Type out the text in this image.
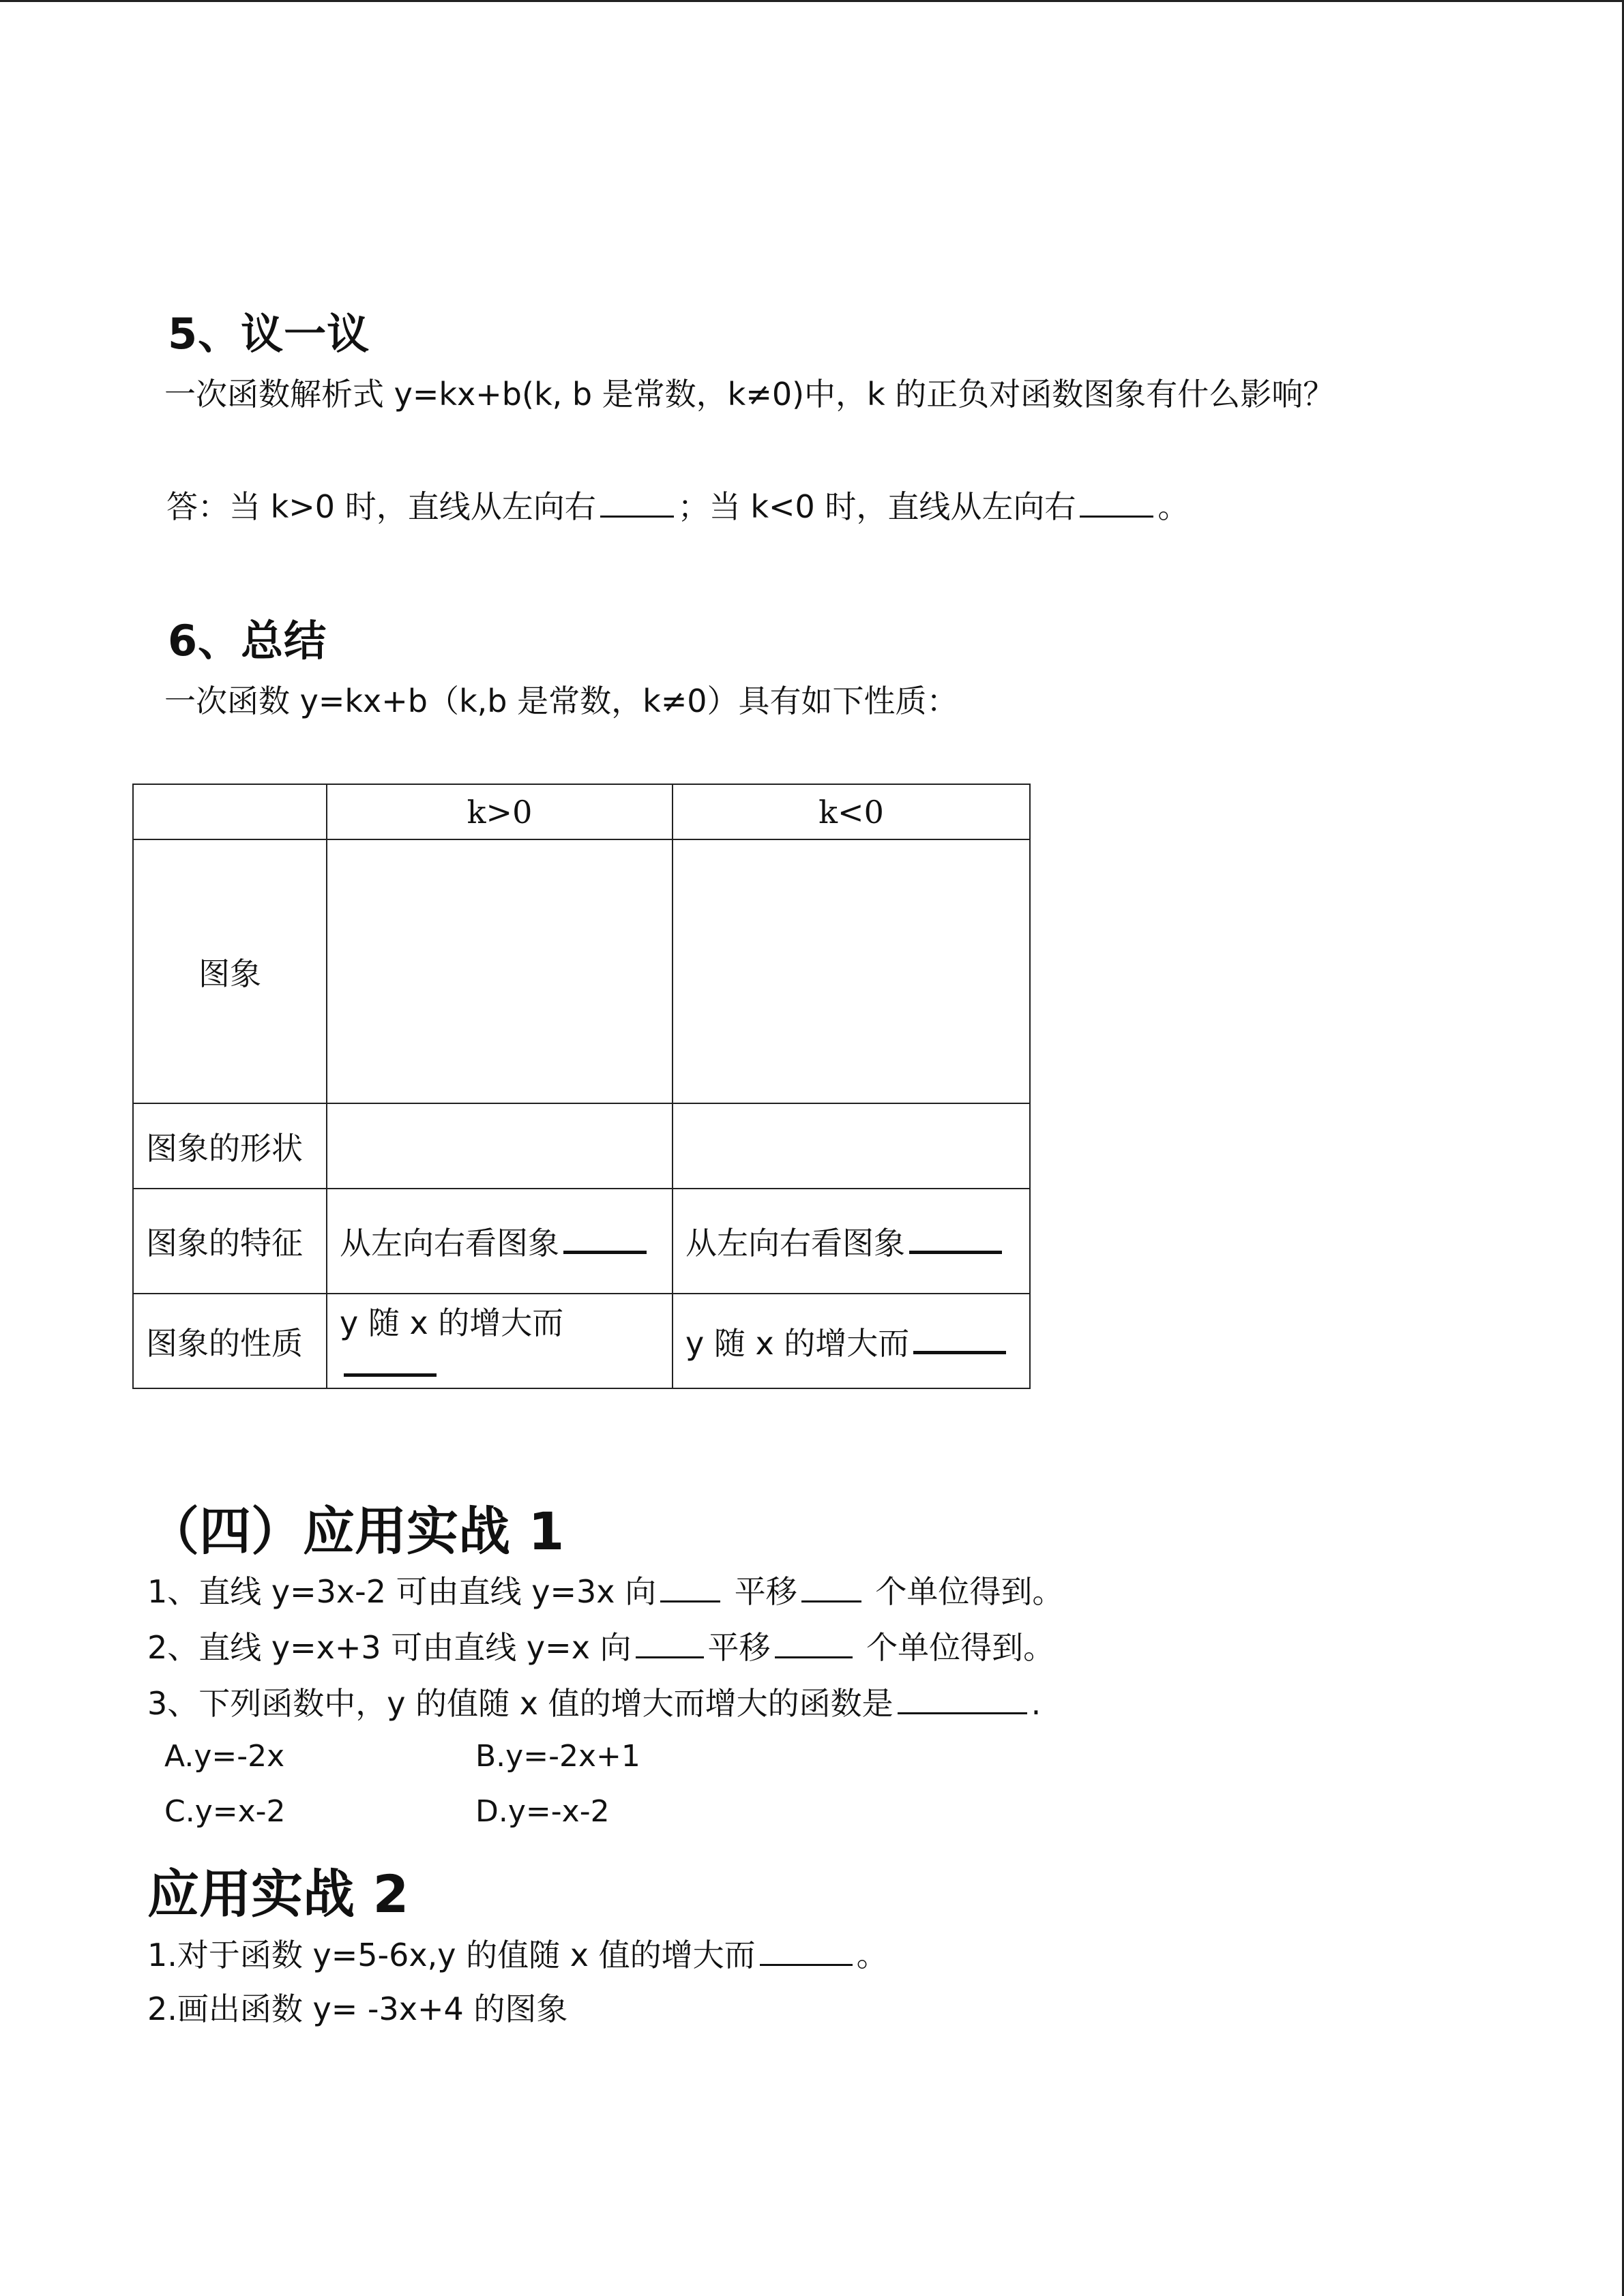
5、议一议
一次函数解析式 y=kx+b(k, b 是常数，k≠0)中，k 的正负对函数图象有什么影响？
答：当 k>0 时，直线从左向右	；当 k<0 时，直线从左向右	。
6、总结
一次函数 y=kx+b（k,b 是常数，k≠0）具有如下性质：
	k>0	k<0
图象		
图象的形状		
图象的特征	从左向右看图象	从左向右看图象
图象的性质	y 随 x 的增大而	y 随 x 的增大而
（四）应用实战 1
1、直线 y=3x-2 可由直线 y=3x 向 平移 个单位得到。
2、直线 y=x+3 可由直线 y=x 向 平移	个单位得到。
3、下列函数中，y 的值随 x 值的增大而增大的函数是	.
A.y=-2x	B.y=-2x+1
C.y=x-2	D.y=-x-2
应用实战 2
1.对于函数 y=5-6x,y 的值随 x 值的增大而	。
2.画出函数 y= -3x+4 的图象
